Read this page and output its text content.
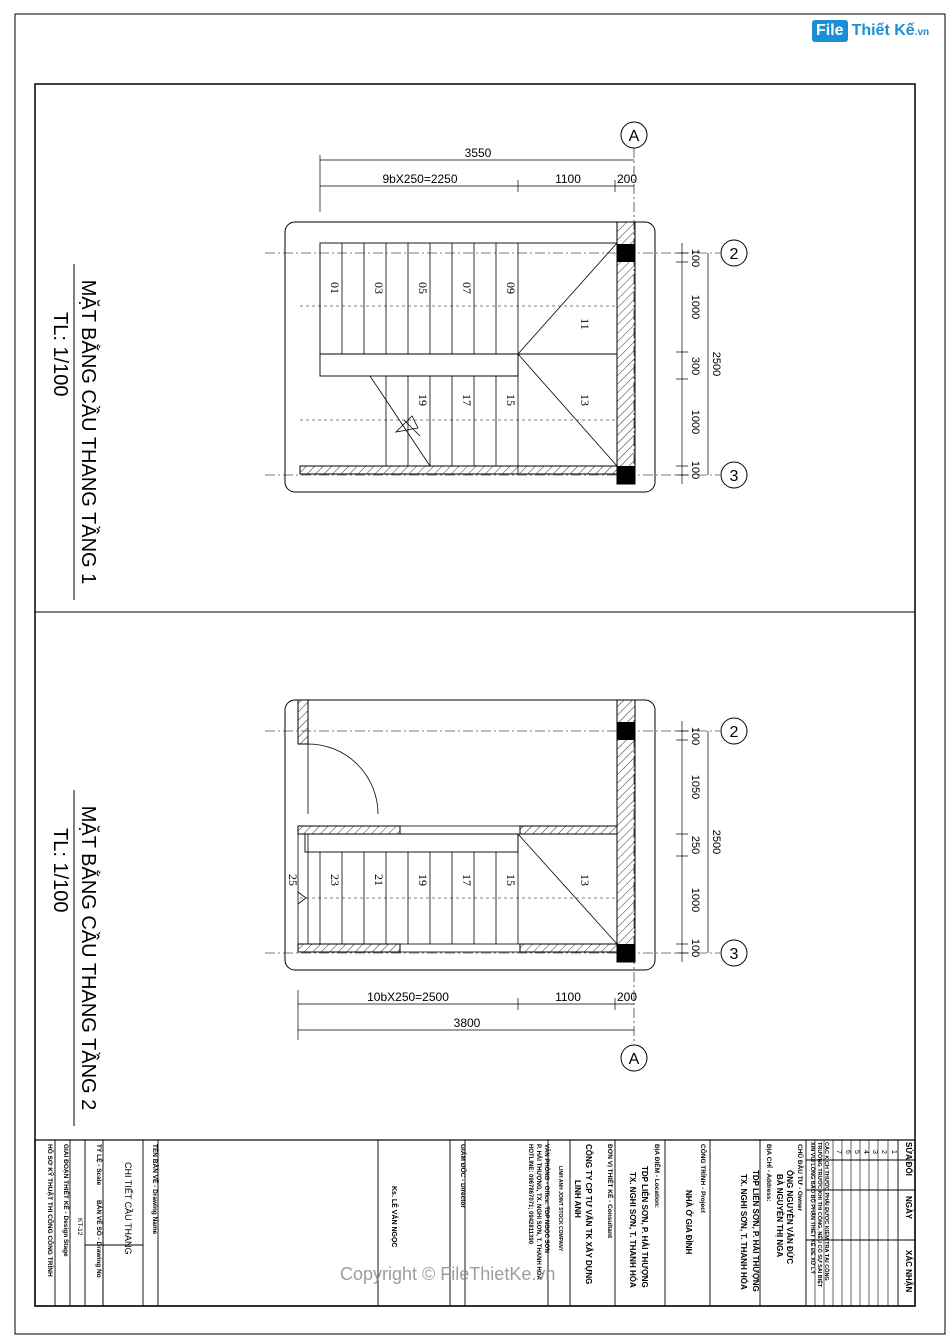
File Thiết Kế.vn
MẶT BẰNG CẦU THANG TẦNG 1
TL: 1/100
A
3550
9bX250=2250	1100	200
2
3
100
1000
300
1000
100
2500
01	03	05	07	09
11
19	17	15	13
MẶT BẰNG CẦU THANG TẦNG 2
TL: 1/100
2
3
A
100
1050
250
1000
100
2500
25 23	21	19	17	15	13
10bX250=2500	1100	200
3800
SỬA ĐỔI
NGÀY
XÁC NHẬN
1
2
3
4
5
6
7
CÁC KÍCH THƯỚC PHẢI ĐƯỢC KIỂM TRA TẠI CÔNG
TRƯỜNG TRƯỚC KHI THI CÔNG, NẾU CÓ SỰ SAI BIỆT
XIN VUI LÒNG BÁO BỘ PHẬN THIẾT KẾ ĐỂ XỬ LÝ
CHỦ ĐẦU TƯ - Owner
ÔNG NGUYỄN VĂN ĐỨC
BÀ NGUYỄN THỊ NGA
ĐỊA CHỈ - Address:
TDP LIÊN SƠN, P. HẢI THƯỢNG
TX. NGHI SƠN, T. THANH HÓA
CÔNG TRÌNH - Project
NHÀ Ở GIA ĐÌNH
ĐỊA ĐIỂM - Location:
TDP LIÊN SƠN, P. HẢI THƯỢNG
TX. NGHI SƠN, T. THANH HÓA
ĐƠN VỊ THIẾT KẾ - Consultant
CÔNG TY CP TƯ VẤN TK XÂY DỰNG
LINH ANH
LINH ANH JOINT STOCK COMPANY
VĂN PHÒNG - Office: TDP NGỌC SƠN
P. HẢI THƯỢNG, TX. NGHI SƠN, T. THANH HÓA
HOTLINE: 0967867071; 0942811390
GIÁM ĐỐC - Director
Ks. LÊ VĂN NGỌC
TÊN BẢN VẼ - Drawing Name
CHI TIẾT CẦU THANG
TỶ LỆ - Scale
BẢN VẼ SỐ - Drawing No
KT-12
GIAI ĐOẠN THIẾT KẾ - Design Stage
HỒ SƠ KỸ THUẬT THI CÔNG CÔNG TRÌNH	Copyright © FileThietKe.vn
